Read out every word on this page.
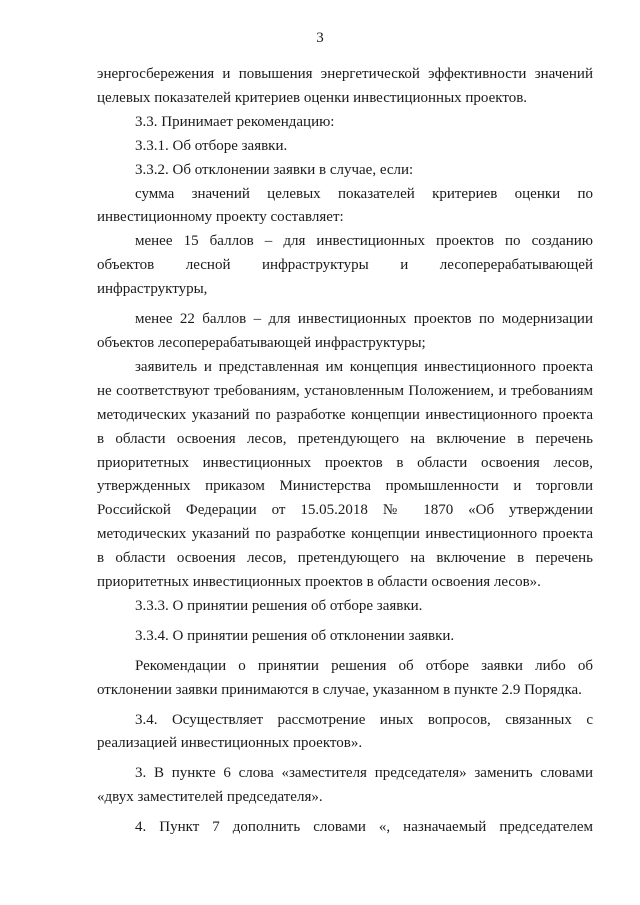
3

энергосбережения и повышения энергетической эффективности значений целевых показателей критериев оценки инвестиционных проектов.

3.3. Принимает рекомендацию:

3.3.1. Об отборе заявки.

3.3.2. Об отклонении заявки в случае, если:

сумма значений целевых показателей критериев оценки по инвестиционному проекту составляет:

менее 15 баллов – для инвестиционных проектов по созданию объектов лесной инфраструктуры и лесоперерабатывающей инфраструктуры,

менее 22 баллов – для инвестиционных проектов по модернизации объектов лесоперерабатывающей инфраструктуры;

заявитель и представленная им концепция инвестиционного проекта не соответствуют требованиям, установленным Положением, и требованиям методических указаний по разработке концепции инвестиционного проекта в области освоения лесов, претендующего на включение в перечень приоритетных инвестиционных проектов в области освоения лесов, утвержденных приказом Министерства промышленности и торговли Российской Федерации от 15.05.2018 № 1870 «Об утверждении методических указаний по разработке концепции инвестиционного проекта в области освоения лесов, претендующего на включение в перечень приоритетных инвестиционных проектов в области освоения лесов».

3.3.3. О принятии решения об отборе заявки.

3.3.4. О принятии решения об отклонении заявки.

Рекомендации о принятии решения об отборе заявки либо об отклонении заявки принимаются в случае, указанном в пункте 2.9 Порядка.

3.4. Осуществляет рассмотрение иных вопросов, связанных с реализацией инвестиционных проектов».

3. В пункте 6 слова «заместителя председателя» заменить словами «двух заместителей председателя».

4. Пункт 7 дополнить словами «, назначаемый председателем
